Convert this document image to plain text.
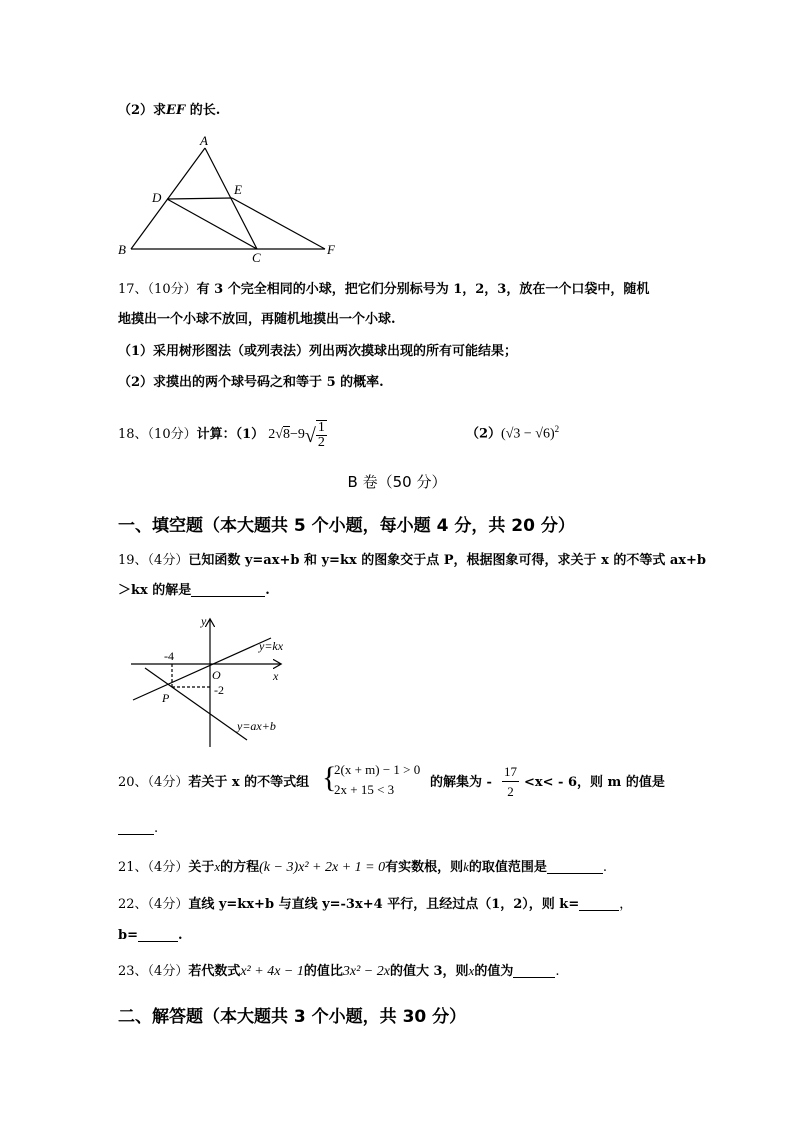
（2）求EF 的长.
A
B
C
D
E
F
17、（10分）有 3 个完全相同的小球，把它们分别标号为 1，2，3，放在一个口袋中，随机
地摸出一个小球不放回，再随机地摸出一个小球.
（1）采用树形图法（或列表法）列出两次摸球出现的所有可能结果；
（2）求摸出的两个球号码之和等于 5 的概率.
18、（10分）计算：（1） $2√8-9√ \frac{1}{2}$	$(2)(√3 - √6)^2$
B 卷（50 分）
一、填空题（本大题共 5 个小题，每小题 4 分，共 20 分）
19、（4分）已知函数 y=ax+b 和 y=kx 的图象交于点 P，根据图象可得，求关于 x 的不等式 ax+b
＞kx 的解是	.
y
x
O
P
-4
-2
y=kx
y=ax+b
20、（4分）若关于 x 的不等式组 {
2(x + m) − 1 > 0
2x + 15 < 3	的解集为 - $\frac{17}{2} <x< - 6$，则 m 的值是
.
21、（4分）关于x的方程(k − 3)x² + 2x + 1 = 0有实数根，则k的取值范围是	.
22、（4分）直线 y=kx+b 与直线 y=-3x+4 平行，且经过点（1，2），则 k=	，
b=	.
23、（4分）若代数式x² + 4x − 1的值比3x² − 2x的值大 3，则x的值为	.
二、解答题（本大题共 3 个小题，共 30 分）
